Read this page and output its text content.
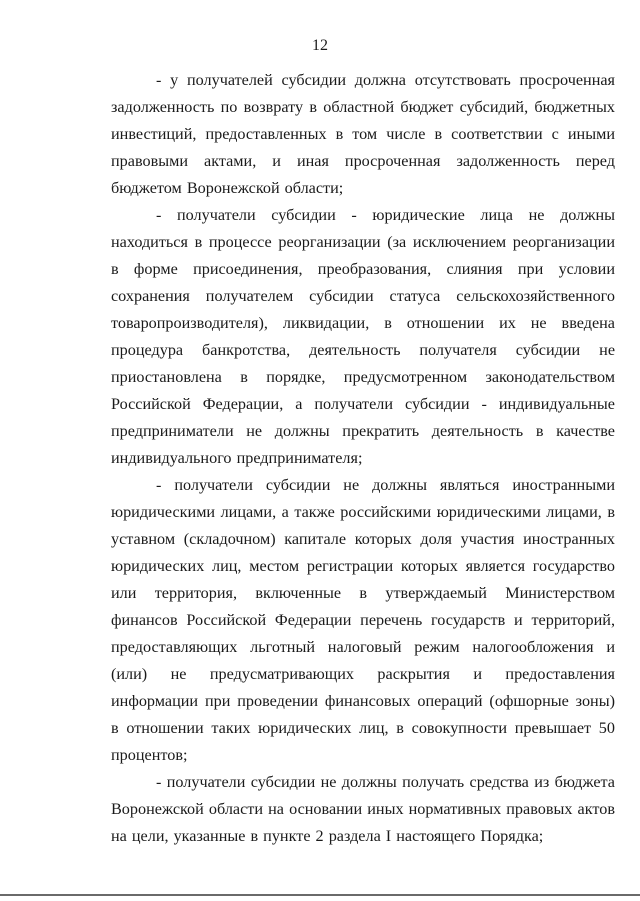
12

- у получателей субсидии должна отсутствовать просроченная задолженность по возврату в областной бюджет субсидий, бюджетных инвестиций, предоставленных в том числе в соответствии с иными правовыми актами, и иная просроченная задолженность перед бюджетом Воронежской области;

- получатели субсидии - юридические лица не должны находиться в процессе реорганизации (за исключением реорганизации в форме присоединения, преобразования, слияния при условии сохранения получателем субсидии статуса сельскохозяйственного товаропроизводителя), ликвидации, в отношении их не введена процедура банкротства, деятельность получателя субсидии не приостановлена в порядке, предусмотренном законодательством Российской Федерации, а получатели субсидии - индивидуальные предприниматели не должны прекратить деятельность в качестве индивидуального предпринимателя;

- получатели субсидии не должны являться иностранными юридическими лицами, а также российскими юридическими лицами, в уставном (складочном) капитале которых доля участия иностранных юридических лиц, местом регистрации которых является государство или территория, включенные в утверждаемый Министерством финансов Российской Федерации перечень государств и территорий, предоставляющих льготный налоговый режим налогообложения и (или) не предусматривающих раскрытия и предоставления информации при проведении финансовых операций (офшорные зоны) в отношении таких юридических лиц, в совокупности превышает 50 процентов;

- получатели субсидии не должны получать средства из бюджета Воронежской области на основании иных нормативных правовых актов на цели, указанные в пункте 2 раздела I настоящего Порядка;
